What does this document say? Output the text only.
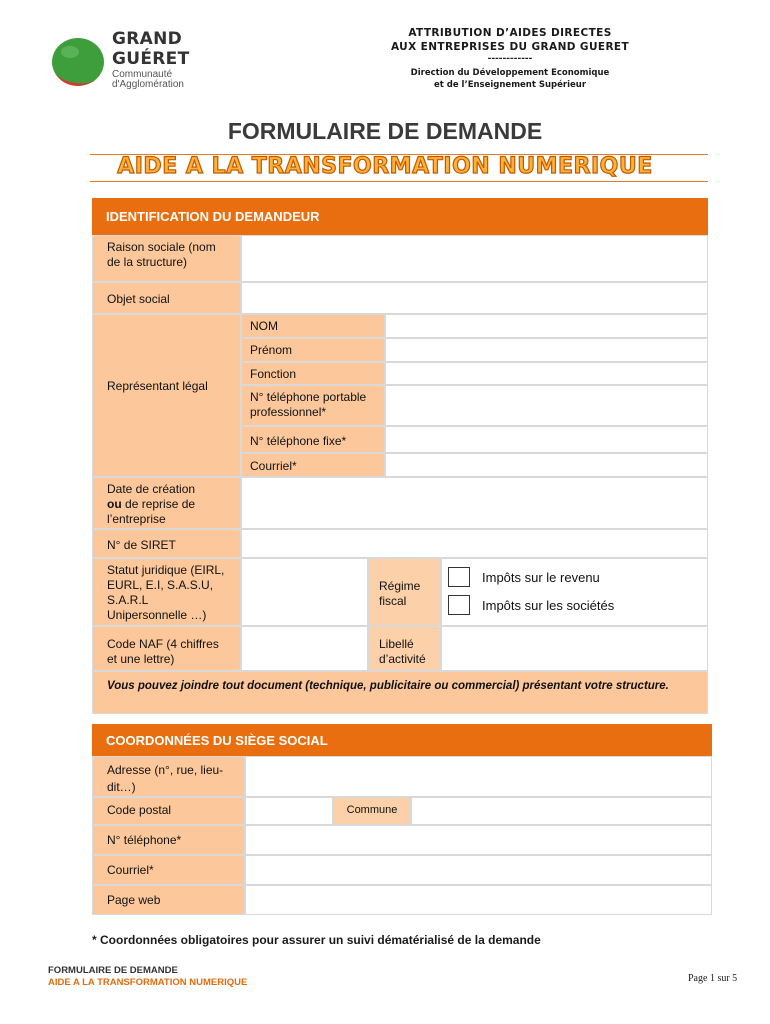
GRAND
GUÉRET
Communauté
d'Agglomération
ATTRIBUTION D’AIDES DIRECTES
AUX ENTREPRISES DU GRAND GUERET
------------
Direction du Développement Economique
et de l’Enseignement Supérieur
FORMULAIRE DE DEMANDE
AIDE A LA TRANSFORMATION NUMERIQUE
IDENTIFICATION DU DEMANDEUR
Raison sociale (nom de la structure)
Objet social
Représentant légal
NOM
Prénom
Fonction
N° téléphone portable professionnel*
N° téléphone fixe*
Courriel*
Date de création
ou de reprise de l’entreprise
N° de SIRET
Statut juridique (EIRL, EURL, E.I, S.A.S.U, S.A.R.L Unipersonnelle …)
Régime fiscal
Impôts sur le revenu
Impôts sur les sociétés
Code NAF (4 chiffres et une lettre)
Libellé d’activité
Vous pouvez joindre tout document (technique, publicitaire ou commercial) présentant votre structure.
COORDONNÉES DU SIÈGE SOCIAL
Adresse (n°, rue, lieu- dit…)
Code postal	Commune
N° téléphone*
Courriel*
Page web
* Coordonnées obligatoires pour assurer un suivi dématérialisé de la demande
FORMULAIRE DE DEMANDE
AIDE A LA TRANSFORMATION NUMERIQUE	Page 1 sur 5
